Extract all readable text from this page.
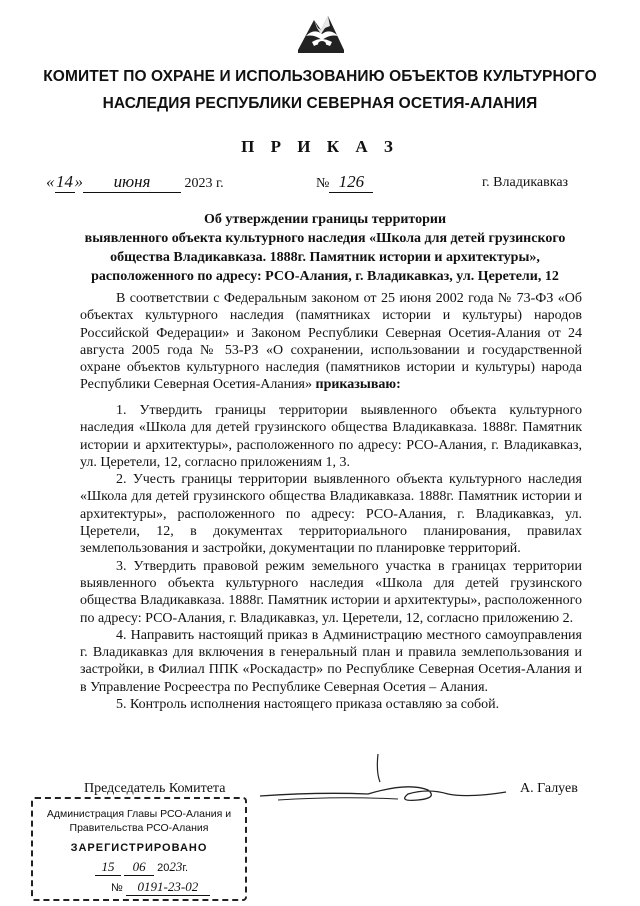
КОМИТЕТ ПО ОХРАНЕ И ИСПОЛЬЗОВАНИЮ ОБЪЕКТОВ КУЛЬТУРНОГО
НАСЛЕДИЯ РЕСПУБЛИКИ СЕВЕРНАЯ ОСЕТИЯ-АЛАНИЯ
П Р И К А З
«14» июня 2023 г.	№ 126	г. Владикавказ
Об утверждении границы территории
выявленного объекта культурного наследия «Школа для детей грузинского
общества Владикавказа. 1888г. Памятник истории и архитектуры»,
расположенного по адресу: РСО-Алания, г. Владикавказ, ул. Церетели, 12

В соответствии с Федеральным законом от 25 июня 2002 года № 73-ФЗ «Об объектах культурного наследия (памятниках истории и культуры) народов Российской Федерации» и Законом Республики Северная Осетия-Алания от 24 августа 2005 года № 53-РЗ «О сохранении, использовании и государственной охране объектов культурного наследия (памятников истории и культуры) народа Республики Северная Осетия-Алания» приказываю:

1. Утвердить границы территории выявленного объекта культурного наследия «Школа для детей грузинского общества Владикавказа. 1888г. Памятник истории и архитектуры», расположенного по адресу: РСО-Алания, г. Владикавказ, ул. Церетели, 12, согласно приложениям 1, 3.

2. Учесть границы территории выявленного объекта культурного наследия «Школа для детей грузинского общества Владикавказа. 1888г. Памятник истории и архитектуры», расположенного по адресу: РСО-Алания, г. Владикавказ, ул. Церетели, 12, в документах территориального планирования, правилах землепользования и застройки, документации по планировке территорий.

3. Утвердить правовой режим земельного участка в границах территории выявленного объекта культурного наследия «Школа для детей грузинского общества Владикавказа. 1888г. Памятник истории и архитектуры», расположенного по адресу: РСО-Алания, г. Владикавказ, ул. Церетели, 12, согласно приложению 2.

4. Направить настоящий приказ в Администрацию местного самоуправления г. Владикавказ для включения в генеральный план и правила землепользования и застройки, в Филиал ППК «Роскадастр» по Республике Северная Осетия-Алания и в Управление Росреестра по Республике Северная Осетия – Алания.

5. Контроль исполнения настоящего приказа оставляю за собой.

Председатель Комитета	А. Галуев
Администрация Главы РСО-Алания и
Правительства РСО-Алания
ЗАРЕГИСТРИРОВАНО
15 06 2023г.
№ 0191-23-02
